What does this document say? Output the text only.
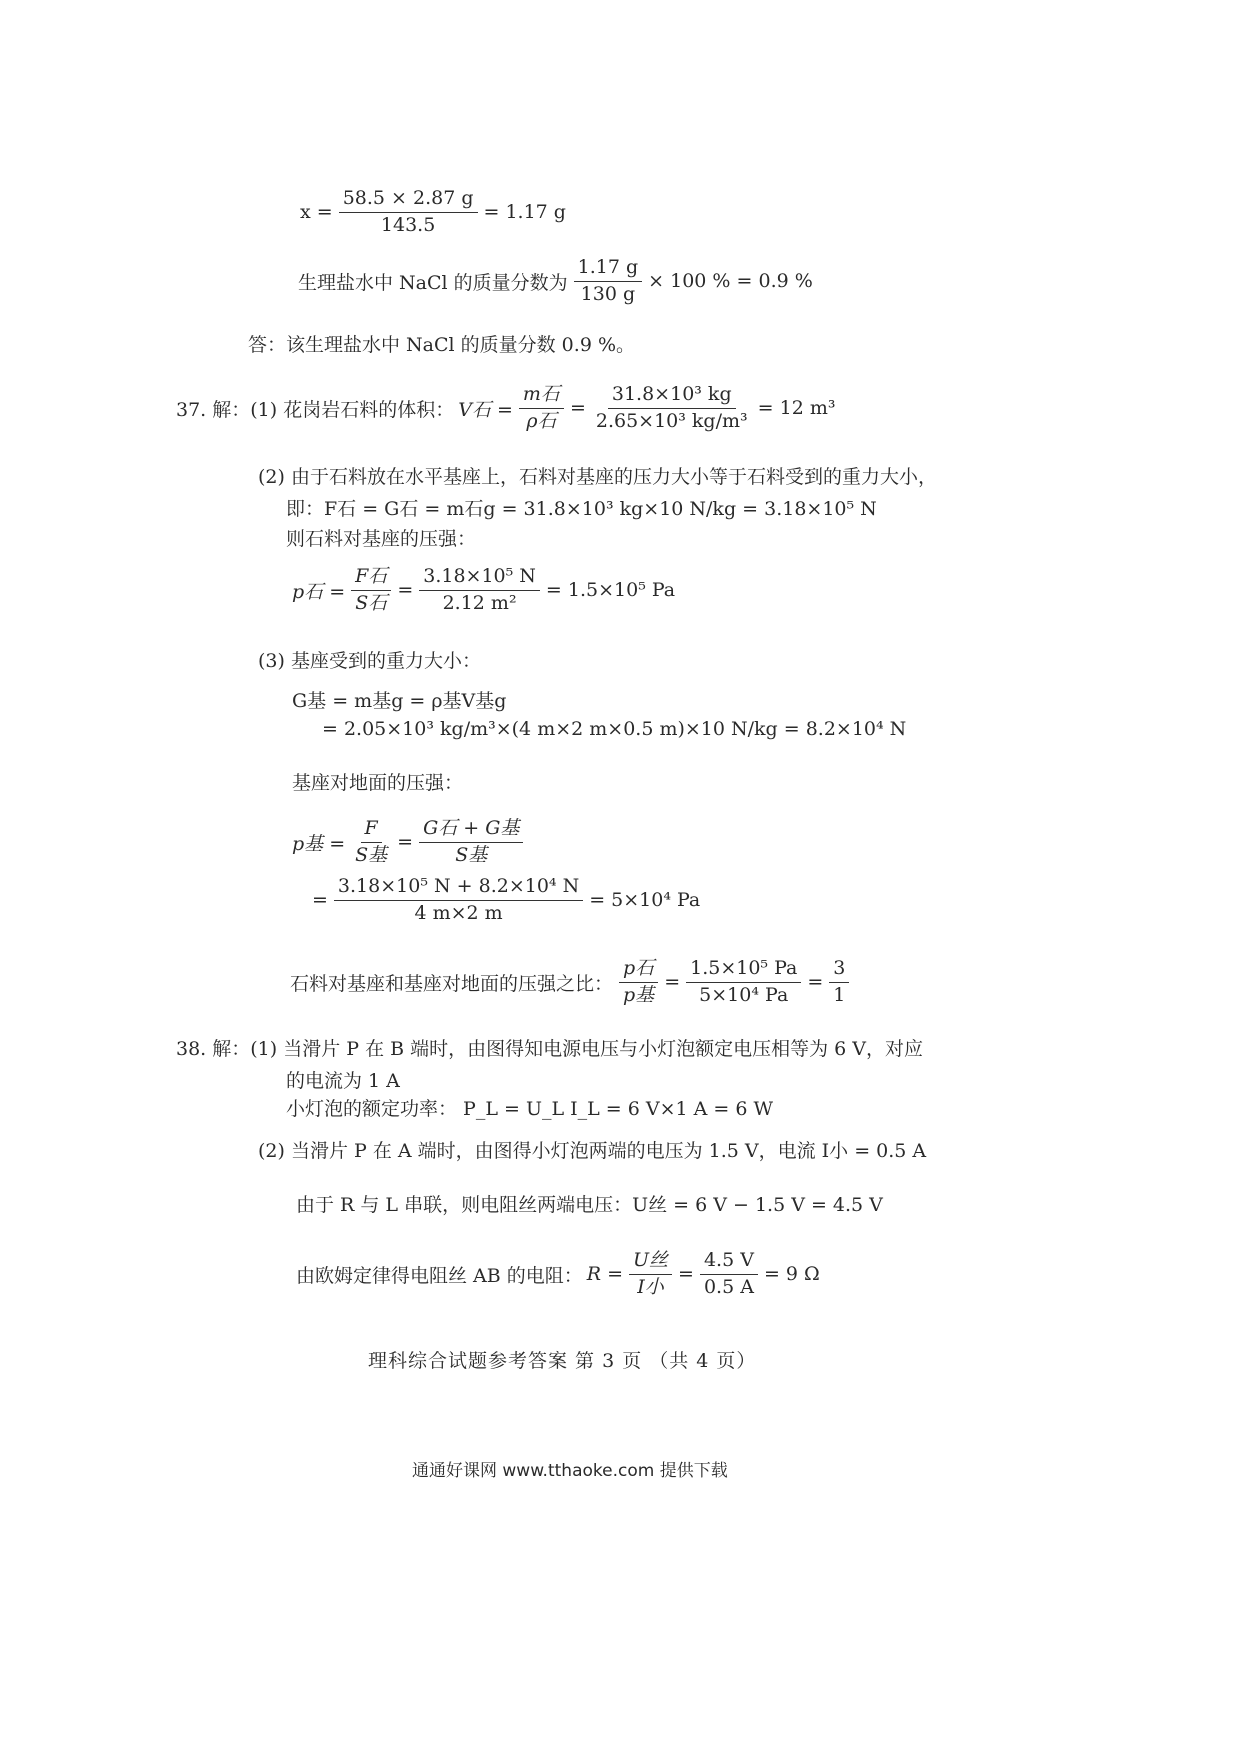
$x = \frac{58.5 \times 2.87 g}{143.5} = 1.17$ g
生理盐水中 NaCl 的质量分数为 $\frac{1.17 g}{130 g} \times 100$ % = 0.9 %
答：该生理盐水中 NaCl 的质量分数 0.9 %。
37. 解：(1) 花岗岩石料的体积： V石 = $\frac{\text{m石}}{\text{ρ石}} = \frac{\text{31.8×10³ kg}}{\text{2.65×10³ kg/m³}} = 12$ m³
(2) 由于石料放在水平基座上，石料对基座的压力大小等于石料受到的重力大小，
即：F石 = G石 = m石g = 31.8×10³ kg×10 N/kg = 3.18×10⁵ N
则石料对基座的压强：
p石 = $\frac{\text{F石}}{\text{S石}} = \frac{\text{3.18×10⁵ N}}{\text{2.12 m²}} = 1.5\times 10^5$ Pa
(3) 基座受到的重力大小：
G基 = m基g = ρ基V基g
= 2.05×10³ kg/m³×(4 m×2 m×0.5 m)×10 N/kg = 8.2×10⁴ N
基座对地面的压强：
p基 = $\frac{F}{\text{S基}} = \frac{\text{G石 + G基}}{\text{S基}}$
= $\frac{\text{3.18×10⁵ N + 8.2×10⁴ N}}{4 m\times 2 m} = 5\times 10^4$ Pa
石料对基座和基座对地面的压强之比： $\frac{\text{p石}}{\text{p基}} = \frac{\text{1.5×10⁵ Pa}}{\text{5×10⁴ Pa}} = \frac{3}{1}$
38. 解：(1) 当滑片 P 在 B 端时，由图得知电源电压与小灯泡额定电压相等为 6 V，对应
的电流为 1 A
小灯泡的额定功率： P_L = U_L I_L = 6 V×1 A = 6 W
(2) 当滑片 P 在 A 端时，由图得小灯泡两端的电压为 1.5 V，电流 I小 = 0.5 A
由于 R 与 L 串联，则电阻丝两端电压：U丝 = 6 V − 1.5 V = 4.5 V
由欧姆定律得电阻丝 AB 的电阻： $R = \frac{\text{U丝}}{\text{I小}} = \frac{4.5 V}{0.5 A} = 9$ Ω
理科综合试题参考答案 第 3 页 （共 4 页）
通通好课网 www.tthaoke.com 提供下载
